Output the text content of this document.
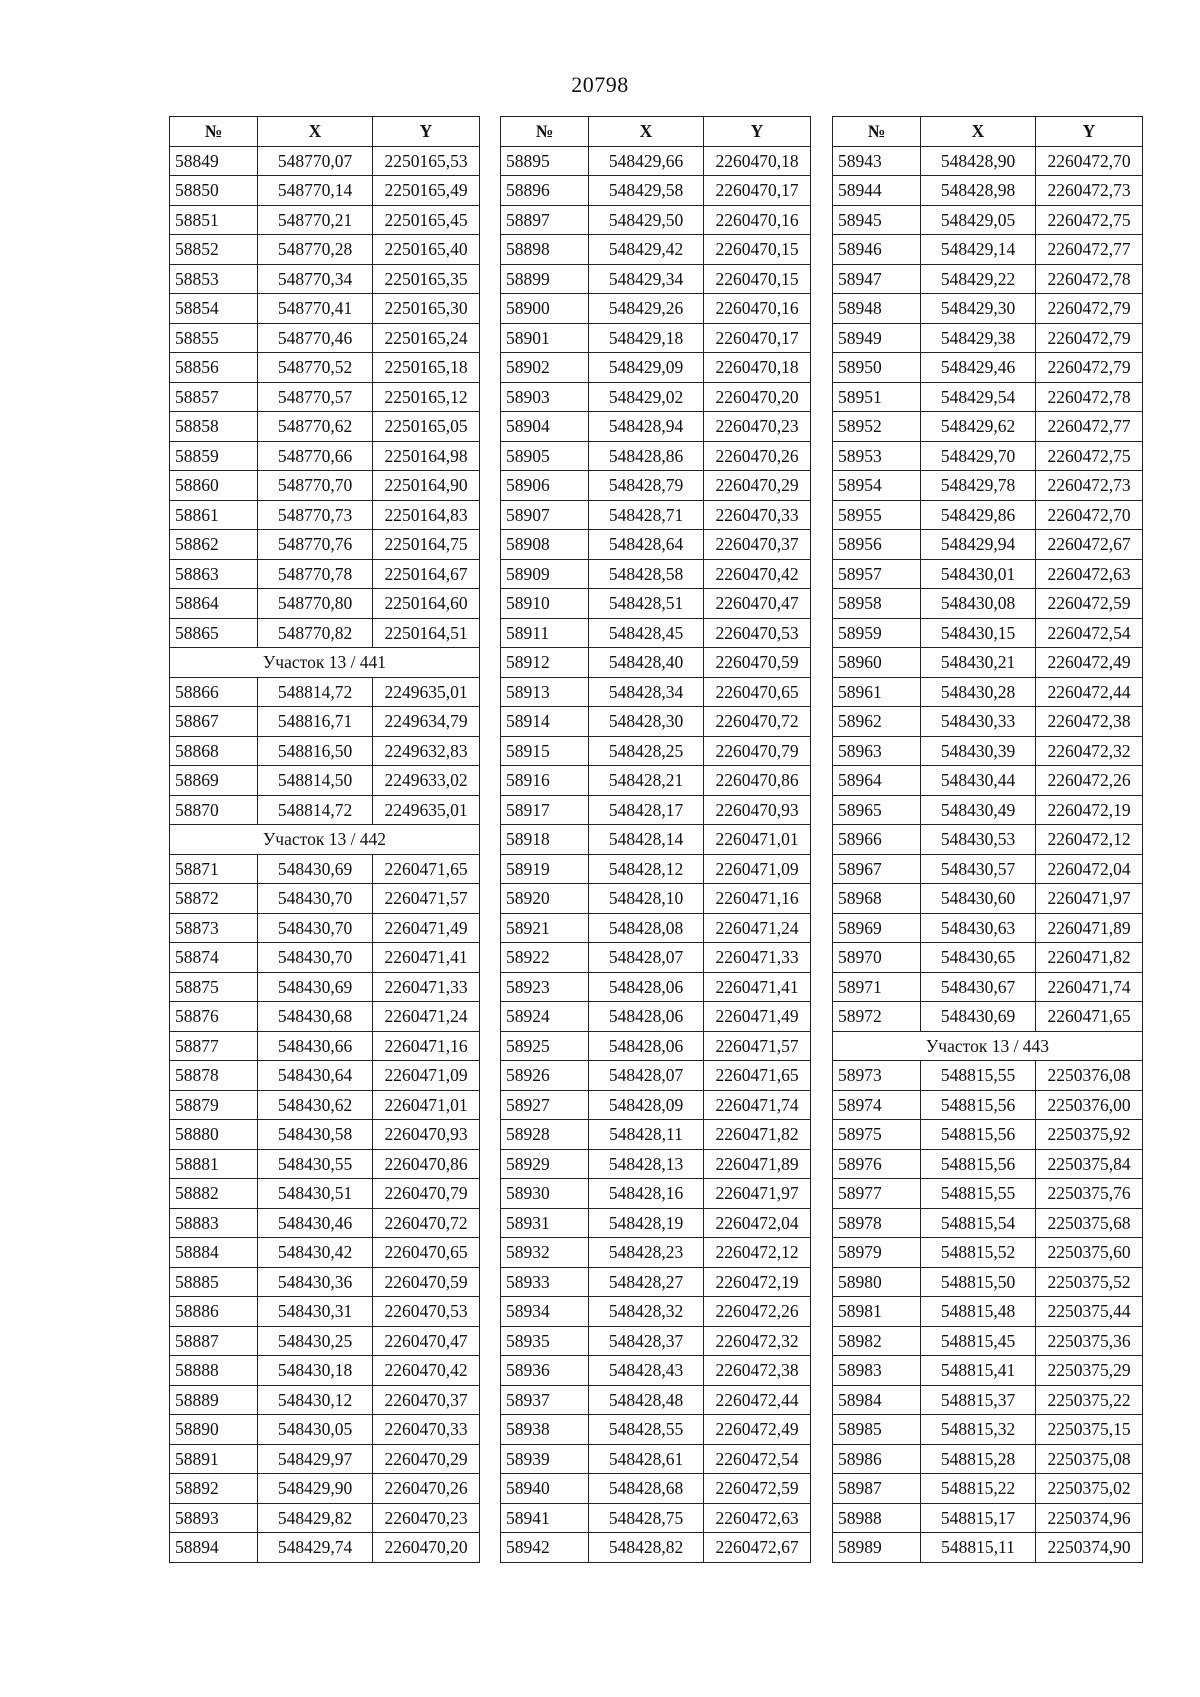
20798
№	X	Y
58849	548770,07	2250165,53
58850	548770,14	2250165,49
58851	548770,21	2250165,45
58852	548770,28	2250165,40
58853	548770,34	2250165,35
58854	548770,41	2250165,30
58855	548770,46	2250165,24
58856	548770,52	2250165,18
58857	548770,57	2250165,12
58858	548770,62	2250165,05
58859	548770,66	2250164,98
58860	548770,70	2250164,90
58861	548770,73	2250164,83
58862	548770,76	2250164,75
58863	548770,78	2250164,67
58864	548770,80	2250164,60
58865	548770,82	2250164,51
Участок 13 / 441		
58866	548814,72	2249635,01
58867	548816,71	2249634,79
58868	548816,50	2249632,83
58869	548814,50	2249633,02
58870	548814,72	2249635,01
Участок 13 / 442		
58871	548430,69	2260471,65
58872	548430,70	2260471,57
58873	548430,70	2260471,49
58874	548430,70	2260471,41
58875	548430,69	2260471,33
58876	548430,68	2260471,24
58877	548430,66	2260471,16
58878	548430,64	2260471,09
58879	548430,62	2260471,01
58880	548430,58	2260470,93
58881	548430,55	2260470,86
58882	548430,51	2260470,79
58883	548430,46	2260470,72
58884	548430,42	2260470,65
58885	548430,36	2260470,59
58886	548430,31	2260470,53
58887	548430,25	2260470,47
58888	548430,18	2260470,42
58889	548430,12	2260470,37
58890	548430,05	2260470,33
58891	548429,97	2260470,29
58892	548429,90	2260470,26
58893	548429,82	2260470,23
58894	548429,74	2260470,20
№	X	Y
58895	548429,66	2260470,18
58896	548429,58	2260470,17
58897	548429,50	2260470,16
58898	548429,42	2260470,15
58899	548429,34	2260470,15
58900	548429,26	2260470,16
58901	548429,18	2260470,17
58902	548429,09	2260470,18
58903	548429,02	2260470,20
58904	548428,94	2260470,23
58905	548428,86	2260470,26
58906	548428,79	2260470,29
58907	548428,71	2260470,33
58908	548428,64	2260470,37
58909	548428,58	2260470,42
58910	548428,51	2260470,47
58911	548428,45	2260470,53
58912	548428,40	2260470,59
58913	548428,34	2260470,65
58914	548428,30	2260470,72
58915	548428,25	2260470,79
58916	548428,21	2260470,86
58917	548428,17	2260470,93
58918	548428,14	2260471,01
58919	548428,12	2260471,09
58920	548428,10	2260471,16
58921	548428,08	2260471,24
58922	548428,07	2260471,33
58923	548428,06	2260471,41
58924	548428,06	2260471,49
58925	548428,06	2260471,57
58926	548428,07	2260471,65
58927	548428,09	2260471,74
58928	548428,11	2260471,82
58929	548428,13	2260471,89
58930	548428,16	2260471,97
58931	548428,19	2260472,04
58932	548428,23	2260472,12
58933	548428,27	2260472,19
58934	548428,32	2260472,26
58935	548428,37	2260472,32
58936	548428,43	2260472,38
58937	548428,48	2260472,44
58938	548428,55	2260472,49
58939	548428,61	2260472,54
58940	548428,68	2260472,59
58941	548428,75	2260472,63
58942	548428,82	2260472,67
№	X	Y
58943	548428,90	2260472,70
58944	548428,98	2260472,73
58945	548429,05	2260472,75
58946	548429,14	2260472,77
58947	548429,22	2260472,78
58948	548429,30	2260472,79
58949	548429,38	2260472,79
58950	548429,46	2260472,79
58951	548429,54	2260472,78
58952	548429,62	2260472,77
58953	548429,70	2260472,75
58954	548429,78	2260472,73
58955	548429,86	2260472,70
58956	548429,94	2260472,67
58957	548430,01	2260472,63
58958	548430,08	2260472,59
58959	548430,15	2260472,54
58960	548430,21	2260472,49
58961	548430,28	2260472,44
58962	548430,33	2260472,38
58963	548430,39	2260472,32
58964	548430,44	2260472,26
58965	548430,49	2260472,19
58966	548430,53	2260472,12
58967	548430,57	2260472,04
58968	548430,60	2260471,97
58969	548430,63	2260471,89
58970	548430,65	2260471,82
58971	548430,67	2260471,74
58972	548430,69	2260471,65
Участок 13 / 443		
58973	548815,55	2250376,08
58974	548815,56	2250376,00
58975	548815,56	2250375,92
58976	548815,56	2250375,84
58977	548815,55	2250375,76
58978	548815,54	2250375,68
58979	548815,52	2250375,60
58980	548815,50	2250375,52
58981	548815,48	2250375,44
58982	548815,45	2250375,36
58983	548815,41	2250375,29
58984	548815,37	2250375,22
58985	548815,32	2250375,15
58986	548815,28	2250375,08
58987	548815,22	2250375,02
58988	548815,17	2250374,96
58989	548815,11	2250374,90
